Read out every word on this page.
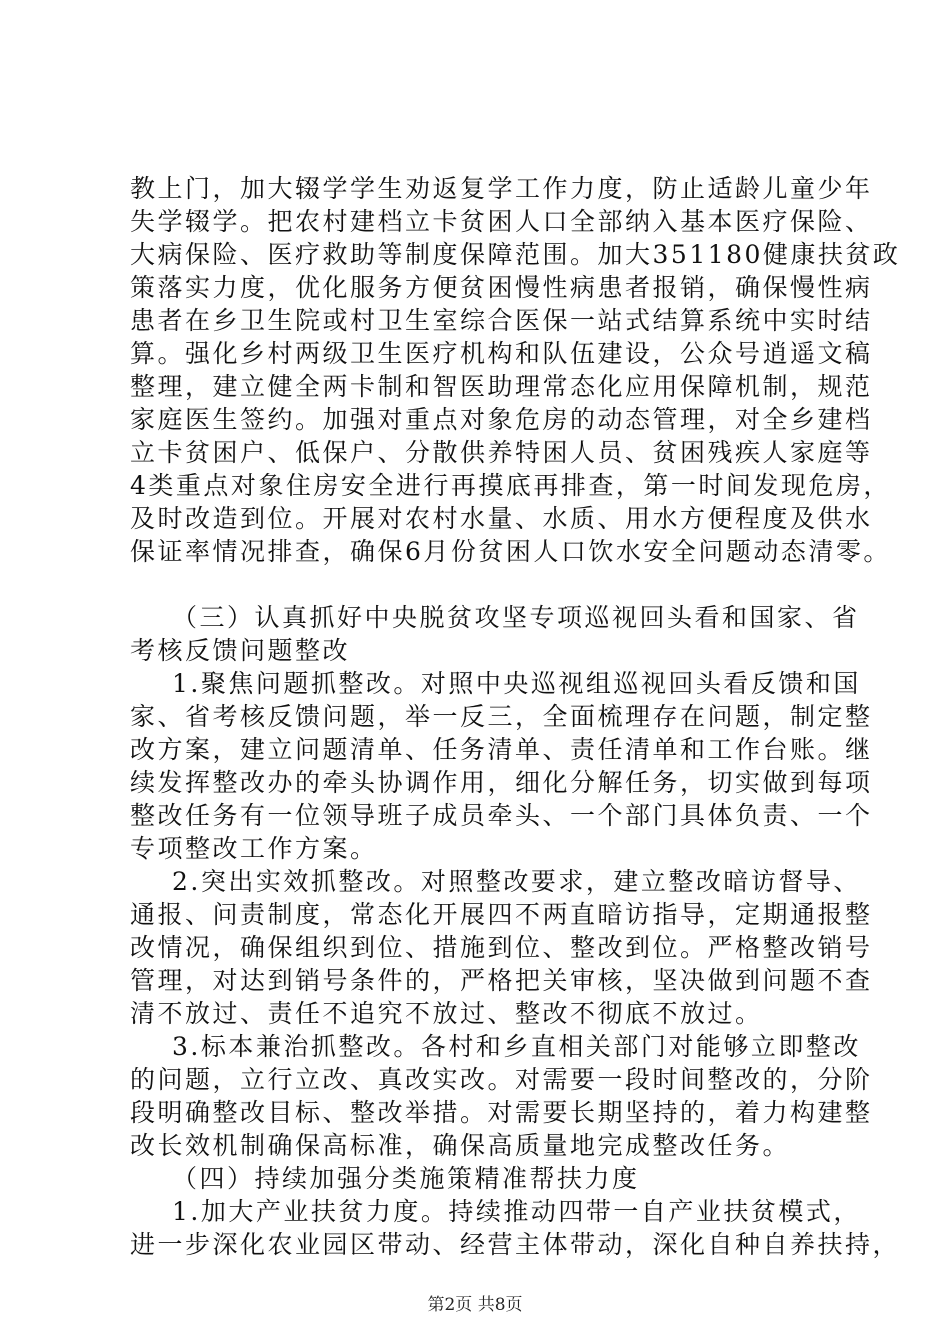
教上门，加大辍学学生劝返复学工作力度，防止适龄儿童少年
失学辍学。把农村建档立卡贫困人口全部纳入基本医疗保险、
大病保险、医疗救助等制度保障范围。加大351180健康扶贫政
策落实力度，优化服务方便贫困慢性病患者报销，确保慢性病
患者在乡卫生院或村卫生室综合医保一站式结算系统中实时结
算。强化乡村两级卫生医疗机构和队伍建设，公众号逍遥文稿
整理，建立健全两卡制和智医助理常态化应用保障机制，规范
家庭医生签约。加强对重点对象危房的动态管理，对全乡建档
立卡贫困户、低保户、分散供养特困人员、贫困残疾人家庭等
4类重点对象住房安全进行再摸底再排查，第一时间发现危房，
及时改造到位。开展对农村水量、水质、用水方便程度及供水
保证率情况排查，确保6月份贫困人口饮水安全问题动态清零。
（三）认真抓好中央脱贫攻坚专项巡视回头看和国家、省
考核反馈问题整改
1.聚焦问题抓整改。对照中央巡视组巡视回头看反馈和国
家、省考核反馈问题，举一反三，全面梳理存在问题，制定整
改方案，建立问题清单、任务清单、责任清单和工作台账。继
续发挥整改办的牵头协调作用，细化分解任务，切实做到每项
整改任务有一位领导班子成员牵头、一个部门具体负责、一个
专项整改工作方案。
2.突出实效抓整改。对照整改要求，建立整改暗访督导、
通报、问责制度，常态化开展四不两直暗访指导，定期通报整
改情况，确保组织到位、措施到位、整改到位。严格整改销号
管理，对达到销号条件的，严格把关审核，坚决做到问题不查
清不放过、责任不追究不放过、整改不彻底不放过。
3.标本兼治抓整改。各村和乡直相关部门对能够立即整改
的问题，立行立改、真改实改。对需要一段时间整改的，分阶
段明确整改目标、整改举措。对需要长期坚持的，着力构建整
改长效机制确保高标准，确保高质量地完成整改任务。
（四）持续加强分类施策精准帮扶力度
1.加大产业扶贫力度。持续推动四带一自产业扶贫模式，
进一步深化农业园区带动、经营主体带动，深化自种自养扶持，
第2页 共8页
